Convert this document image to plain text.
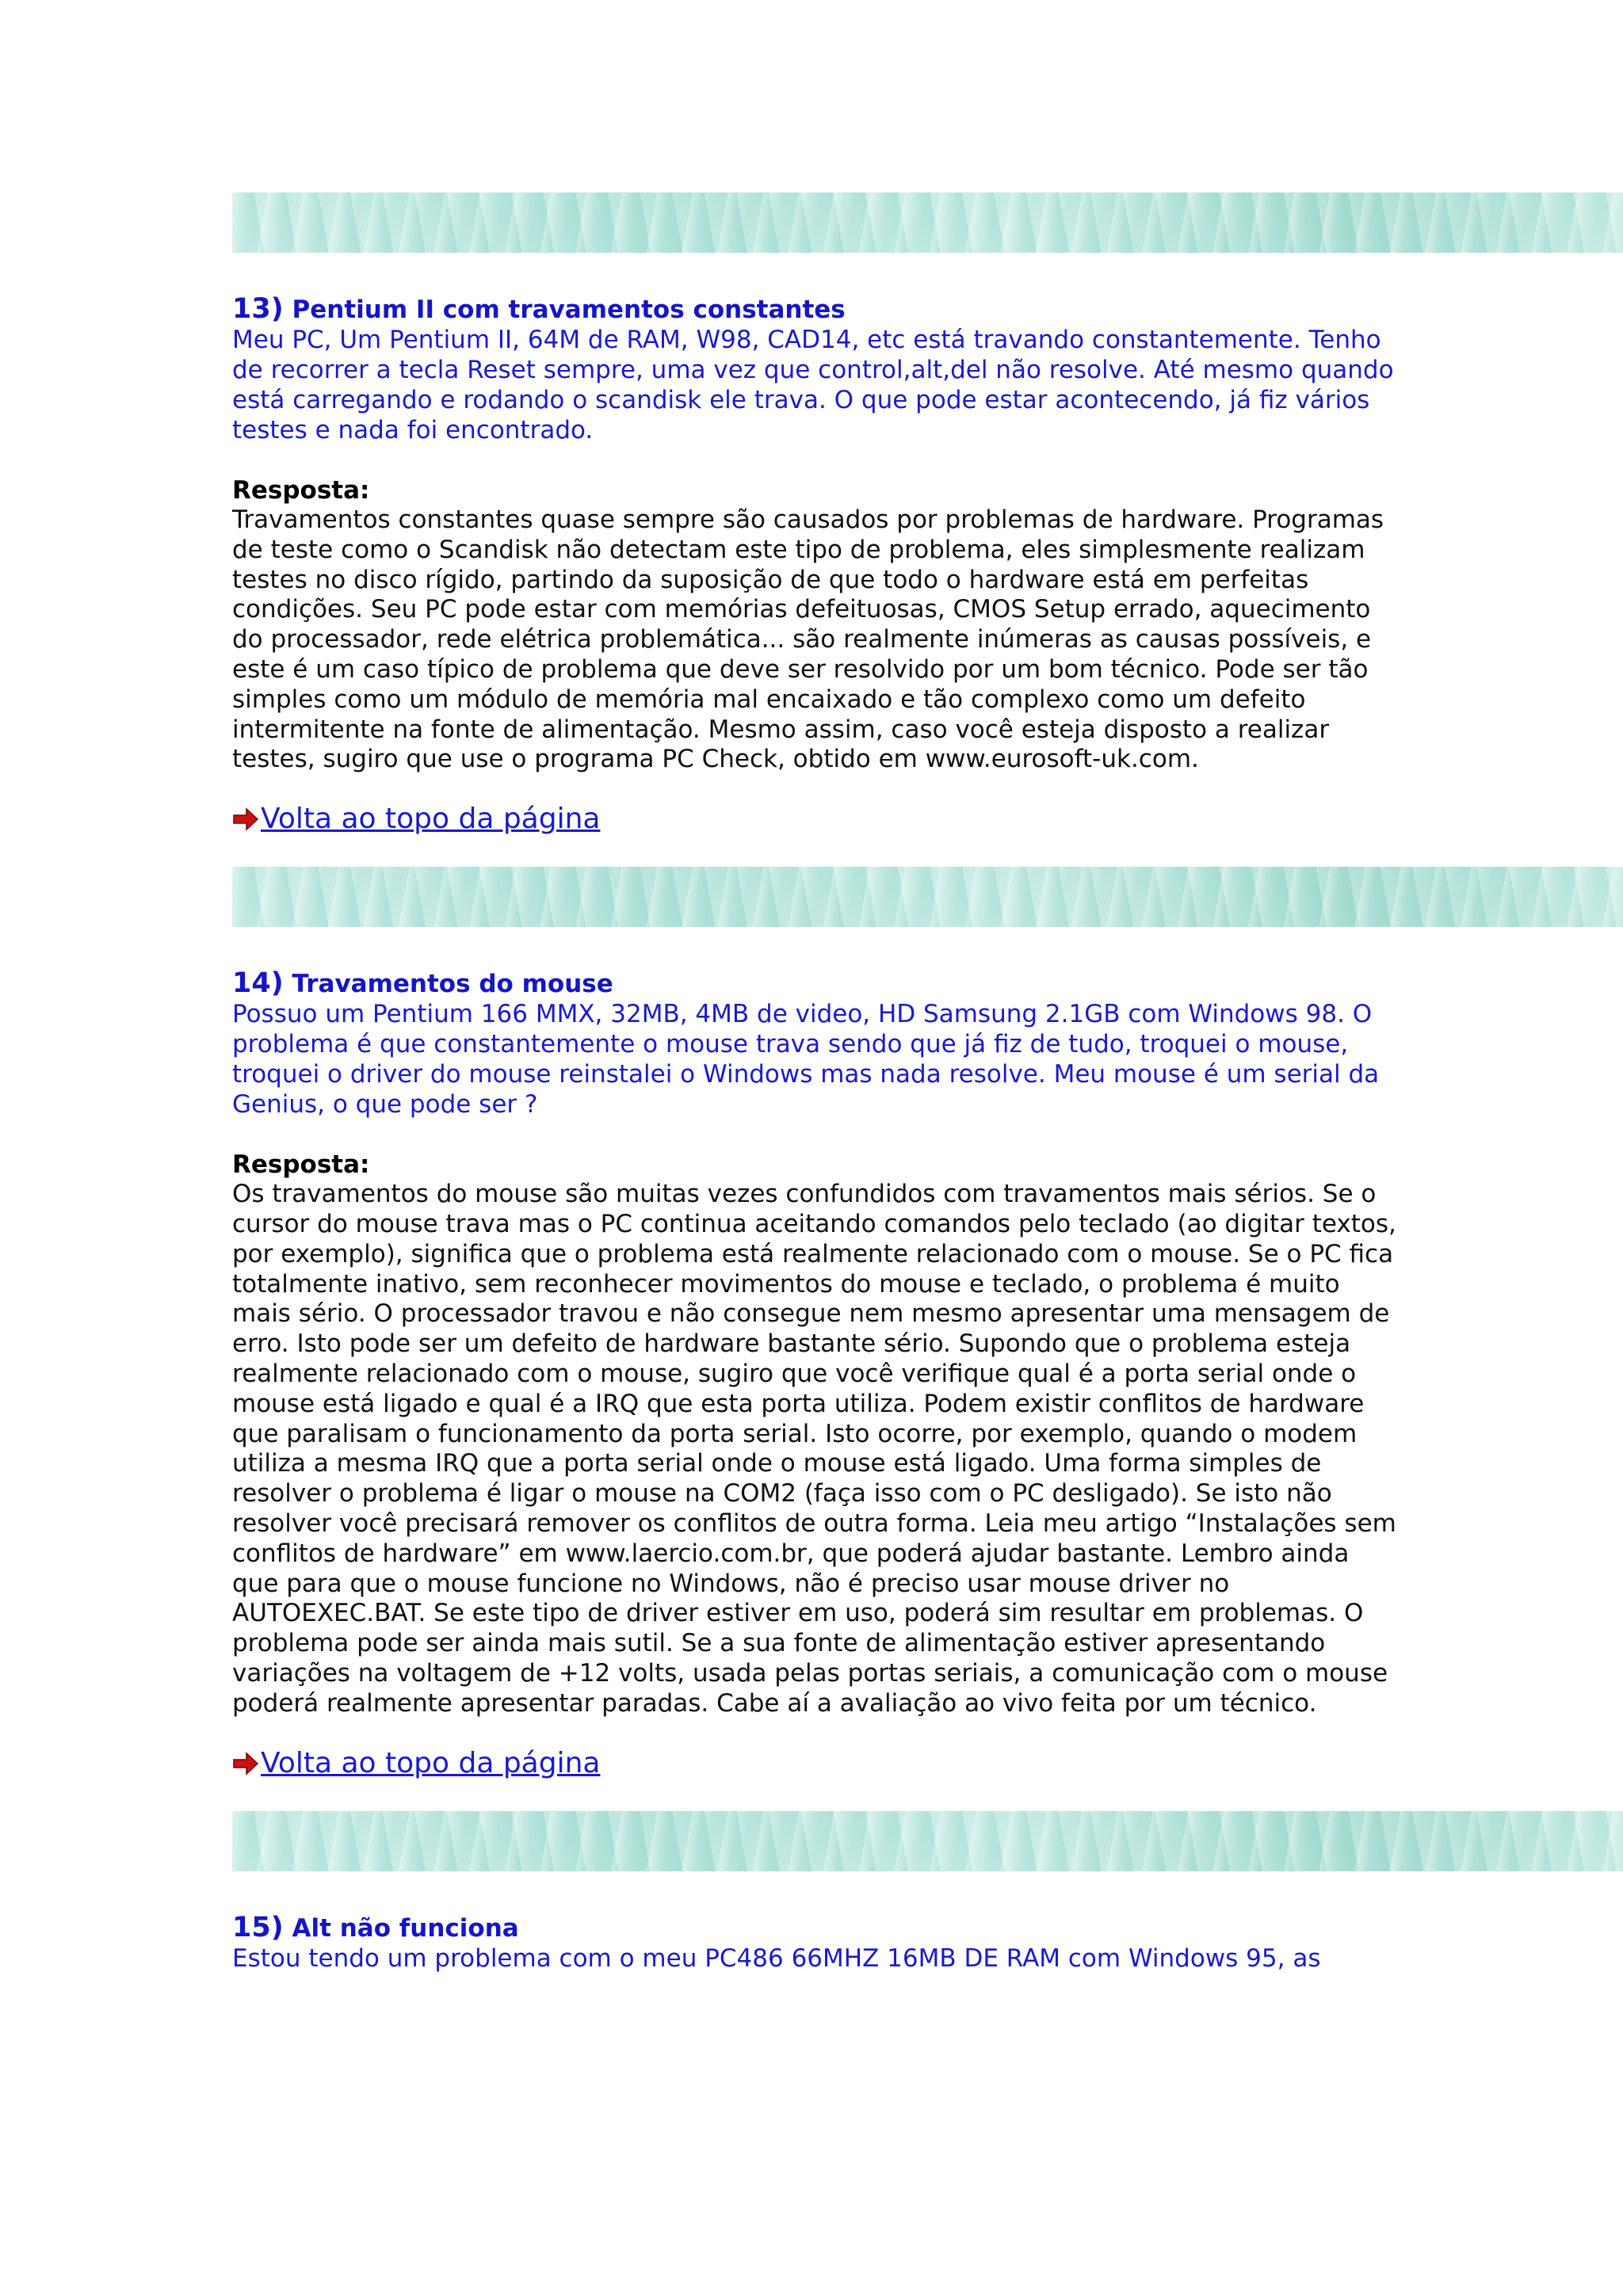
13) Pentium II com travamentos constantes
Meu PC, Um Pentium II, 64M de RAM, W98, CAD14, etc está travando constantemente. Tenho de recorrer a tecla Reset sempre, uma vez que control,alt,del não resolve. Até mesmo quando está carregando e rodando o scandisk ele trava. O que pode estar acontecendo, já fiz vários testes e nada foi encontrado.
Resposta:
Travamentos constantes quase sempre são causados por problemas de hardware. Programas de teste como o Scandisk não detectam este tipo de problema, eles simplesmente realizam testes no disco rígido, partindo da suposição de que todo o hardware está em perfeitas condições. Seu PC pode estar com memórias defeituosas, CMOS Setup errado, aquecimento do processador, rede elétrica problemática... são realmente inúmeras as causas possíveis, e este é um caso típico de problema que deve ser resolvido por um bom técnico. Pode ser tão simples como um módulo de memória mal encaixado e tão complexo como um defeito intermitente na fonte de alimentação. Mesmo assim, caso você esteja disposto a realizar testes, sugiro que use o programa PC Check, obtido em www.eurosoft-uk.com.
Volta ao topo da página
14) Travamentos do mouse
Possuo um Pentium 166 MMX, 32MB, 4MB de video, HD Samsung 2.1GB com Windows 98. O problema é que constantemente o mouse trava sendo que já fiz de tudo, troquei o mouse, troquei o driver do mouse reinstalei o Windows mas nada resolve. Meu mouse é um serial da Genius, o que pode ser ?
Resposta:
Os travamentos do mouse são muitas vezes confundidos com travamentos mais sérios. Se o cursor do mouse trava mas o PC continua aceitando comandos pelo teclado (ao digitar textos, por exemplo), significa que o problema está realmente relacionado com o mouse. Se o PC fica totalmente inativo, sem reconhecer movimentos do mouse e teclado, o problema é muito mais sério. O processador travou e não consegue nem mesmo apresentar uma mensagem de erro. Isto pode ser um defeito de hardware bastante sério. Supondo que o problema esteja realmente relacionado com o mouse, sugiro que você verifique qual é a porta serial onde o mouse está ligado e qual é a IRQ que esta porta utiliza. Podem existir conflitos de hardware que paralisam o funcionamento da porta serial. Isto ocorre, por exemplo, quando o modem utiliza a mesma IRQ que a porta serial onde o mouse está ligado. Uma forma simples de resolver o problema é ligar o mouse na COM2 (faça isso com o PC desligado). Se isto não resolver você precisará remover os conflitos de outra forma. Leia meu artigo “Instalações sem conflitos de hardware” em www.laercio.com.br, que poderá ajudar bastante. Lembro ainda que para que o mouse funcione no Windows, não é preciso usar mouse driver no AUTOEXEC.BAT. Se este tipo de driver estiver em uso, poderá sim resultar em problemas. O problema pode ser ainda mais sutil. Se a sua fonte de alimentação estiver apresentando variações na voltagem de +12 volts, usada pelas portas seriais, a comunicação com o mouse poderá realmente apresentar paradas. Cabe aí a avaliação ao vivo feita por um técnico.
Volta ao topo da página
15) Alt não funciona
Estou tendo um problema com o meu PC486 66MHZ 16MB DE RAM com Windows 95, as
